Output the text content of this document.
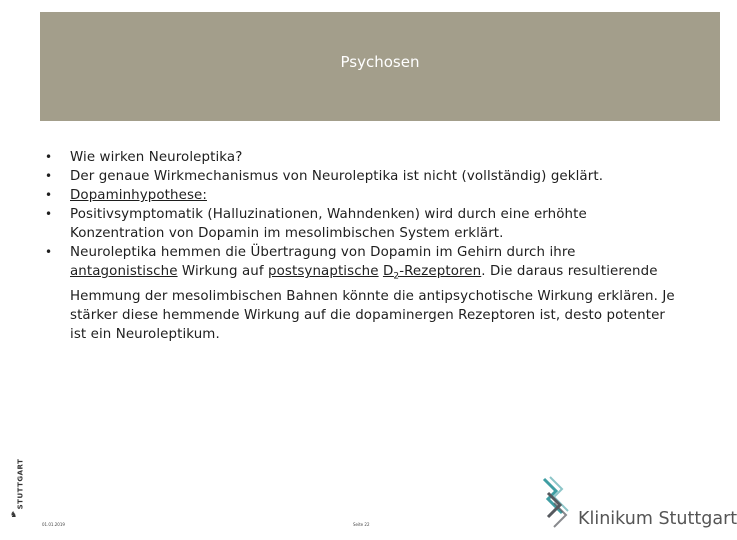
Psychosen
• Wie wirken Neuroleptika?
• Der genaue Wirkmechanismus von Neuroleptika ist nicht (vollständig) geklärt.
• Dopaminhypothese:
• Positivsymptomatik (Halluzinationen, Wahndenken) wird durch eine erhöhte Konzentration von Dopamin im mesolimbischen System erklärt.
• Neuroleptika hemmen die Übertragung von Dopamin im Gehirn durch ihre antagonistische Wirkung auf postsynaptische $D_2$-Rezeptoren. Die daraus resultierende Hemmung der mesolimbischen Bahnen könnte die antipsychotische Wirkung erklären. Je stärker diese hemmende Wirkung auf die dopaminergen Rezeptoren ist, desto potenter ist ein Neuroleptikum.
STUTTGART
♞
01.01.2019	Seite 22	Klinikum Stuttgart
